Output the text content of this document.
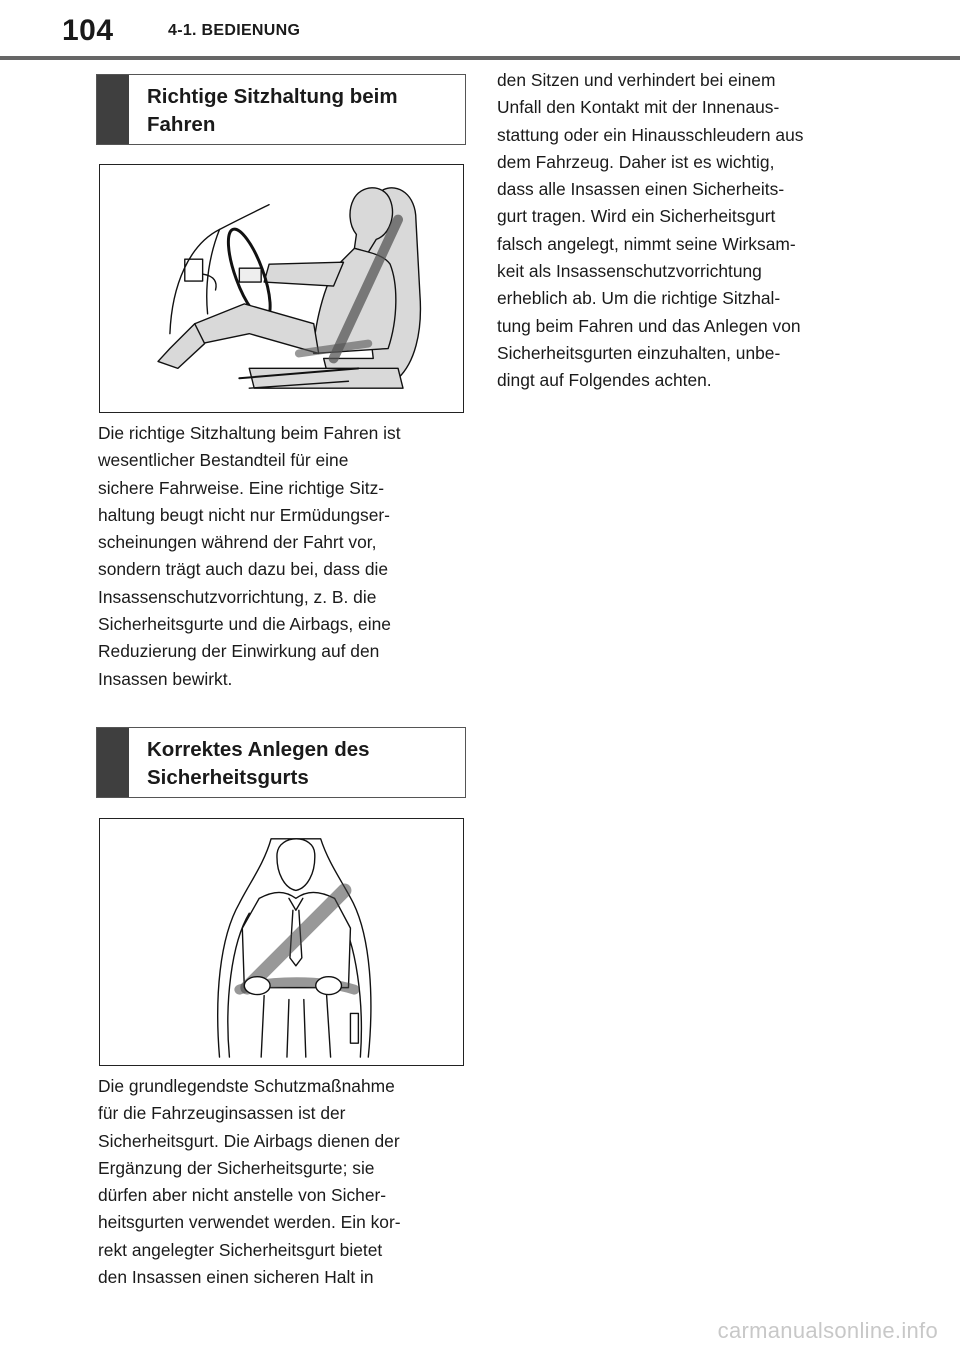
104	4-1. BEDIENUNG
Richtige Sitzhaltung beim Fahren
Die richtige Sitzhaltung beim Fahren ist
wesentlicher Bestandteil für eine
sichere Fahrweise. Eine richtige Sitz-
haltung beugt nicht nur Ermüdungser-
scheinungen während der Fahrt vor,
sondern trägt auch dazu bei, dass die
Insassenschutzvorrichtung, z. B. die
Sicherheitsgurte und die Airbags, eine
Reduzierung der Einwirkung auf den
Insassen bewirkt.
Korrektes Anlegen des Sicherheitsgurts
Die grundlegendste Schutzmaßnahme
für die Fahrzeuginsassen ist der
Sicherheitsgurt. Die Airbags dienen der
Ergänzung der Sicherheitsgurte; sie
dürfen aber nicht anstelle von Sicher-
heitsgurten verwendet werden. Ein kor-
rekt angelegter Sicherheitsgurt bietet
den Insassen einen sicheren Halt in
den Sitzen und verhindert bei einem
Unfall den Kontakt mit der Innenaus-
stattung oder ein Hinausschleudern aus
dem Fahrzeug. Daher ist es wichtig,
dass alle Insassen einen Sicherheits-
gurt tragen. Wird ein Sicherheitsgurt
falsch angelegt, nimmt seine Wirksam-
keit als Insassenschutzvorrichtung
erheblich ab. Um die richtige Sitzhal-
tung beim Fahren und das Anlegen von
Sicherheitsgurten einzuhalten, unbe-
dingt auf Folgendes achten.
carmanualsonline.info
